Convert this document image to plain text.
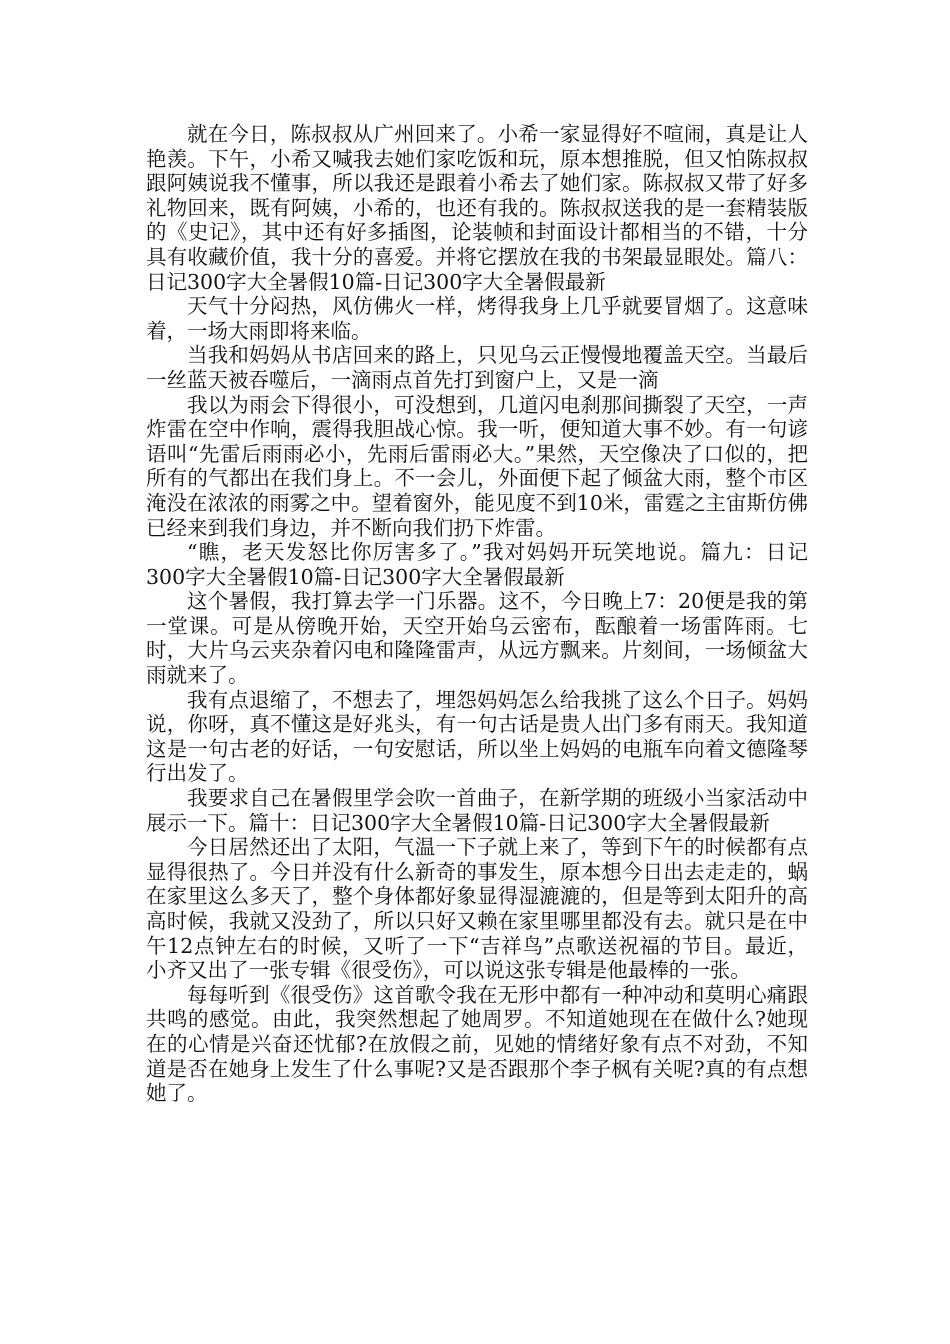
就在今日，陈叔叔从广州回来了。小希一家显得好不喧闹，真是让人艳羡。下午，小希又喊我去她们家吃饭和玩，原本想推脱，但又怕陈叔叔跟阿姨说我不懂事，所以我还是跟着小希去了她们家。陈叔叔又带了好多礼物回来，既有阿姨，小希的，也还有我的。陈叔叔送我的是一套精装版的《史记》，其中还有好多插图，论装帧和封面设计都相当的不错，十分具有收藏价值，我十分的喜爱。并将它摆放在我的书架最显眼处。篇八：日记300字大全暑假10篇-日记300字大全暑假最新

天气十分闷热，风仿佛火一样，烤得我身上几乎就要冒烟了。这意味着，一场大雨即将来临。

当我和妈妈从书店回来的路上，只见乌云正慢慢地覆盖天空。当最后一丝蓝天被吞噬后，一滴雨点首先打到窗户上，又是一滴

我以为雨会下得很小，可没想到，几道闪电刹那间撕裂了天空，一声炸雷在空中作响，震得我胆战心惊。我一听，便知道大事不妙。有一句谚语叫“先雷后雨雨必小，先雨后雷雨必大。”果然，天空像决了口似的，把所有的气都出在我们身上。不一会儿，外面便下起了倾盆大雨，整个市区淹没在浓浓的雨雾之中。望着窗外，能见度不到10米，雷霆之主宙斯仿佛已经来到我们身边，并不断向我们扔下炸雷。

“瞧，老天发怒比你厉害多了。”我对妈妈开玩笑地说。篇九：日记300字大全暑假10篇-日记300字大全暑假最新

这个暑假，我打算去学一门乐器。这不，今日晚上7：20便是我的第一堂课。可是从傍晚开始，天空开始乌云密布，酝酿着一场雷阵雨。七时，大片乌云夹杂着闪电和隆隆雷声，从远方飘来。片刻间，一场倾盆大雨就来了。

我有点退缩了，不想去了，埋怨妈妈怎么给我挑了这么个日子。妈妈说，你呀，真不懂这是好兆头，有一句古话是贵人出门多有雨天。我知道这是一句古老的好话，一句安慰话，所以坐上妈妈的电瓶车向着文德隆琴行出发了。

我要求自己在暑假里学会吹一首曲子，在新学期的班级小当家活动中展示一下。篇十：日记300字大全暑假10篇-日记300字大全暑假最新

今日居然还出了太阳，气温一下子就上来了，等到下午的时候都有点显得很热了。今日并没有什么新奇的事发生，原本想今日出去走走的，蜗在家里这么多天了，整个身体都好象显得湿漉漉的，但是等到太阳升的高高时候，我就又没劲了，所以只好又赖在家里哪里都没有去。就只是在中午12点钟左右的时候，又听了一下“吉祥鸟”点歌送祝福的节目。最近，小齐又出了一张专辑《很受伤》，可以说这张专辑是他最棒的一张。

每每听到《很受伤》这首歌令我在无形中都有一种冲动和莫明心痛跟共鸣的感觉。由此，我突然想起了她周罗。不知道她现在在做什么?她现在的心情是兴奋还忧郁?在放假之前，见她的情绪好象有点不对劲，不知道是否在她身上发生了什么事呢?又是否跟那个李子枫有关呢?真的有点想她了。
